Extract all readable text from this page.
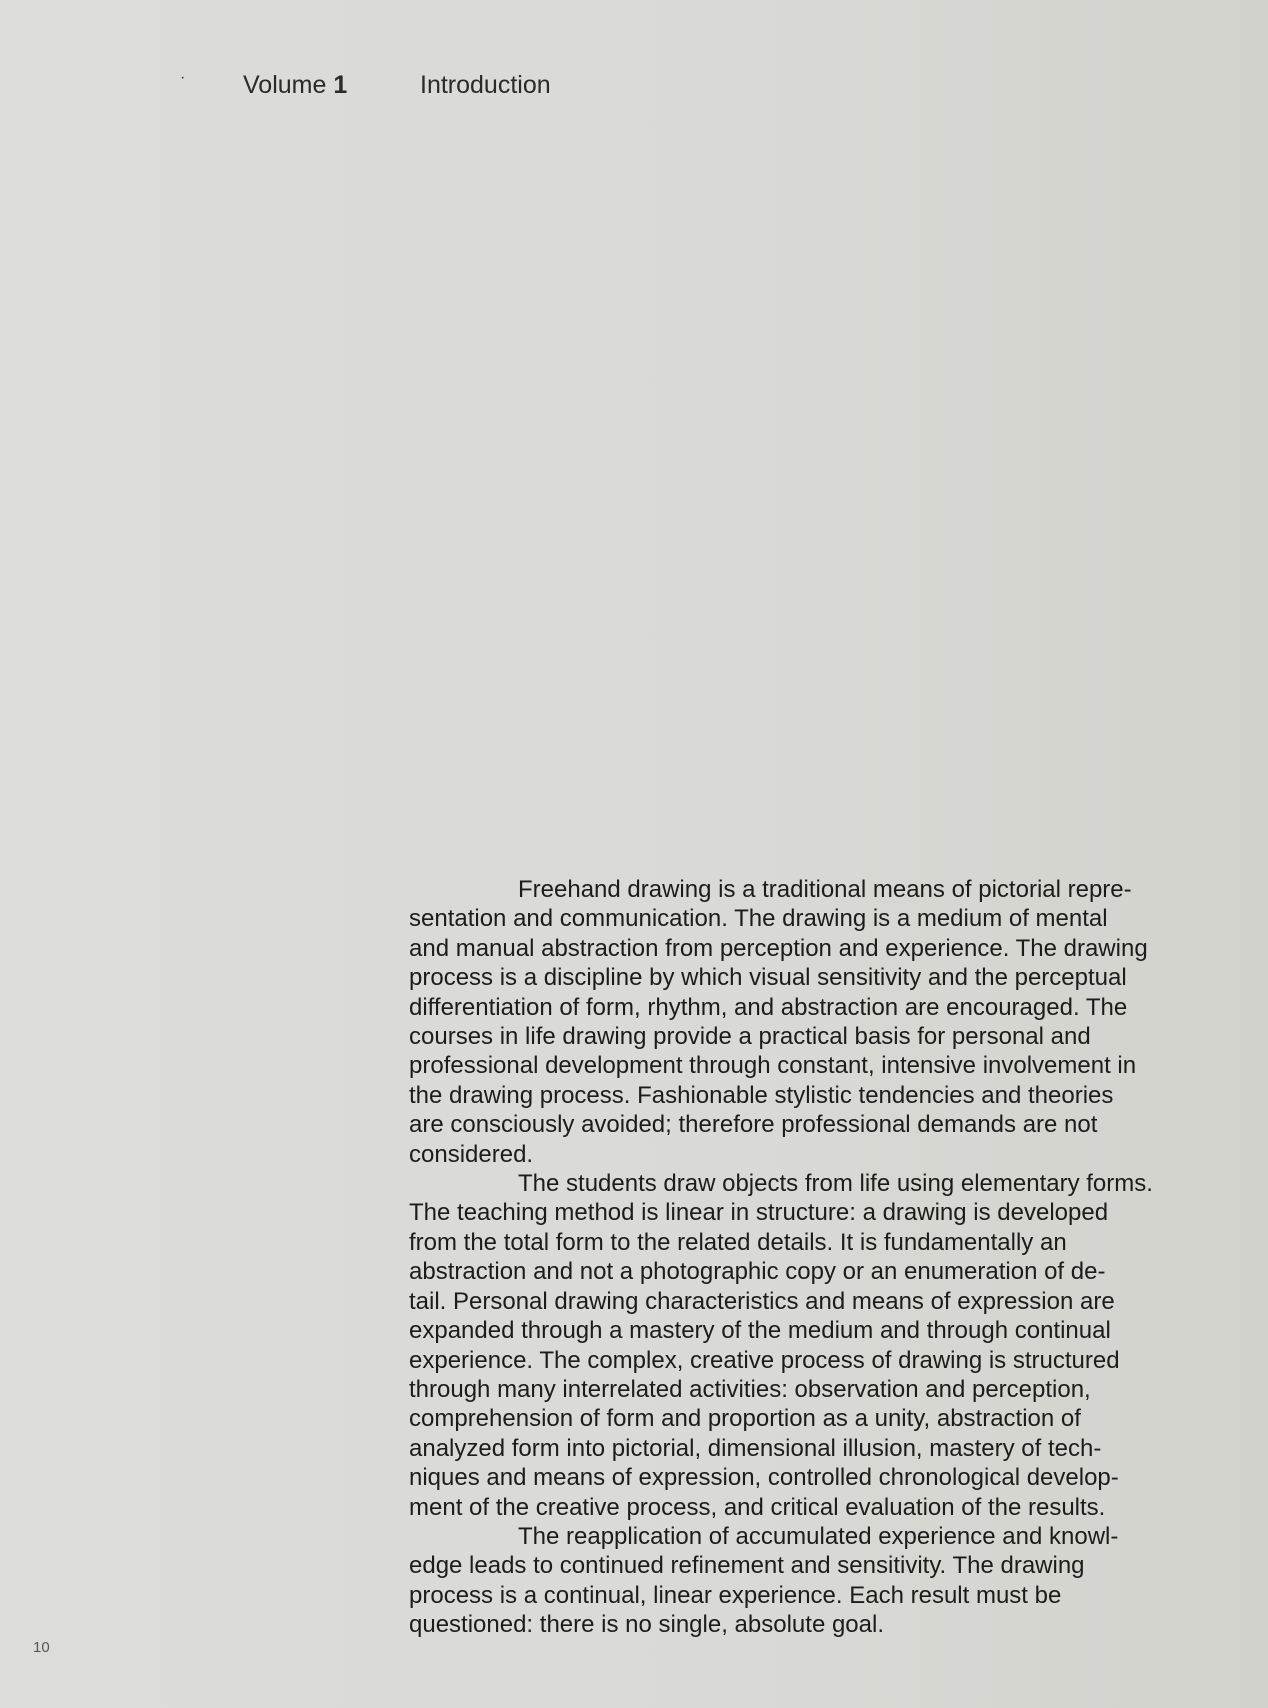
· Volume 1	Introduction
Freehand drawing is a traditional means of pictorial repre-
sentation and communication. The drawing is a medium of mental
and manual abstraction from perception and experience. The drawing
process is a discipline by which visual sensitivity and the perceptual
differentiation of form, rhythm, and abstraction are encouraged. The
courses in life drawing provide a practical basis for personal and
professional development through constant, intensive involvement in
the drawing process. Fashionable stylistic tendencies and theories
are consciously avoided; therefore professional demands are not
considered.
The students draw objects from life using elementary forms.
The teaching method is linear in structure: a drawing is developed
from the total form to the related details. It is fundamentally an
abstraction and not a photographic copy or an enumeration of de-
tail. Personal drawing characteristics and means of expression are
expanded through a mastery of the medium and through continual
experience. The complex, creative process of drawing is structured
through many interrelated activities: observation and perception,
comprehension of form and proportion as a unity, abstraction of
analyzed form into pictorial, dimensional illusion, mastery of tech-
niques and means of expression, controlled chronological develop-
ment of the creative process, and critical evaluation of the results.
The reapplication of accumulated experience and knowl-
edge leads to continued refinement and sensitivity. The drawing
process is a continual, linear experience. Each result must be
questioned: there is no single, absolute goal.
10
